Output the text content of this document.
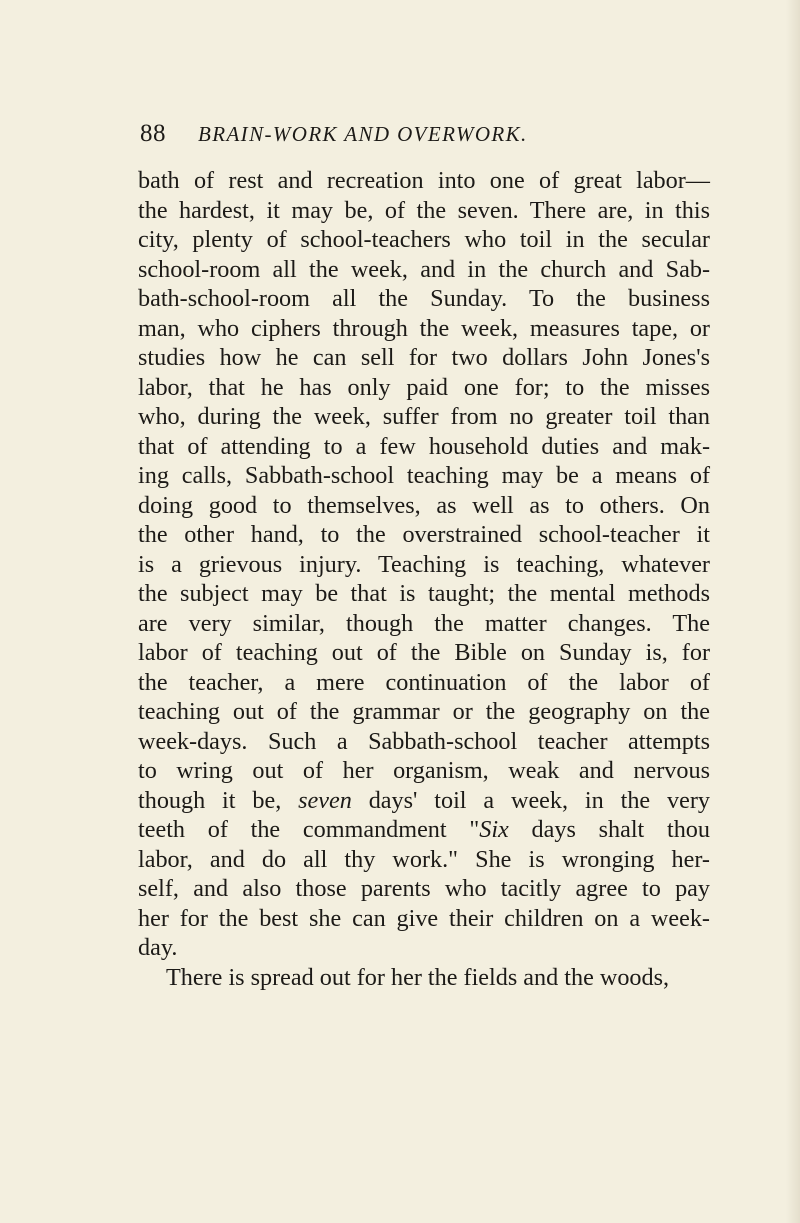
88 BRAIN-WORK AND OVERWORK.
bath of rest and recreation into one of great labor—
the hardest, it may be, of the seven. There are, in this
city, plenty of school-teachers who toil in the secular
school-room all the week, and in the church and Sab-
bath-school-room all the Sunday. To the business
man, who ciphers through the week, measures tape, or
studies how he can sell for two dollars John Jones's
labor, that he has only paid one for; to the misses
who, during the week, suffer from no greater toil than
that of attending to a few household duties and mak-
ing calls, Sabbath-school teaching may be a means of
doing good to themselves, as well as to others. On
the other hand, to the overstrained school-teacher it
is a grievous injury. Teaching is teaching, whatever
the subject may be that is taught; the mental methods
are very similar, though the matter changes. The
labor of teaching out of the Bible on Sunday is, for
the teacher, a mere continuation of the labor of
teaching out of the grammar or the geography on the
week-days. Such a Sabbath-school teacher attempts
to wring out of her organism, weak and nervous
though it be, seven days' toil a week, in the very
teeth of the commandment "Six days shalt thou
labor, and do all thy work." She is wronging her-
self, and also those parents who tacitly agree to pay
her for the best she can give their children on a week-
day.
There is spread out for her the fields and the woods,
